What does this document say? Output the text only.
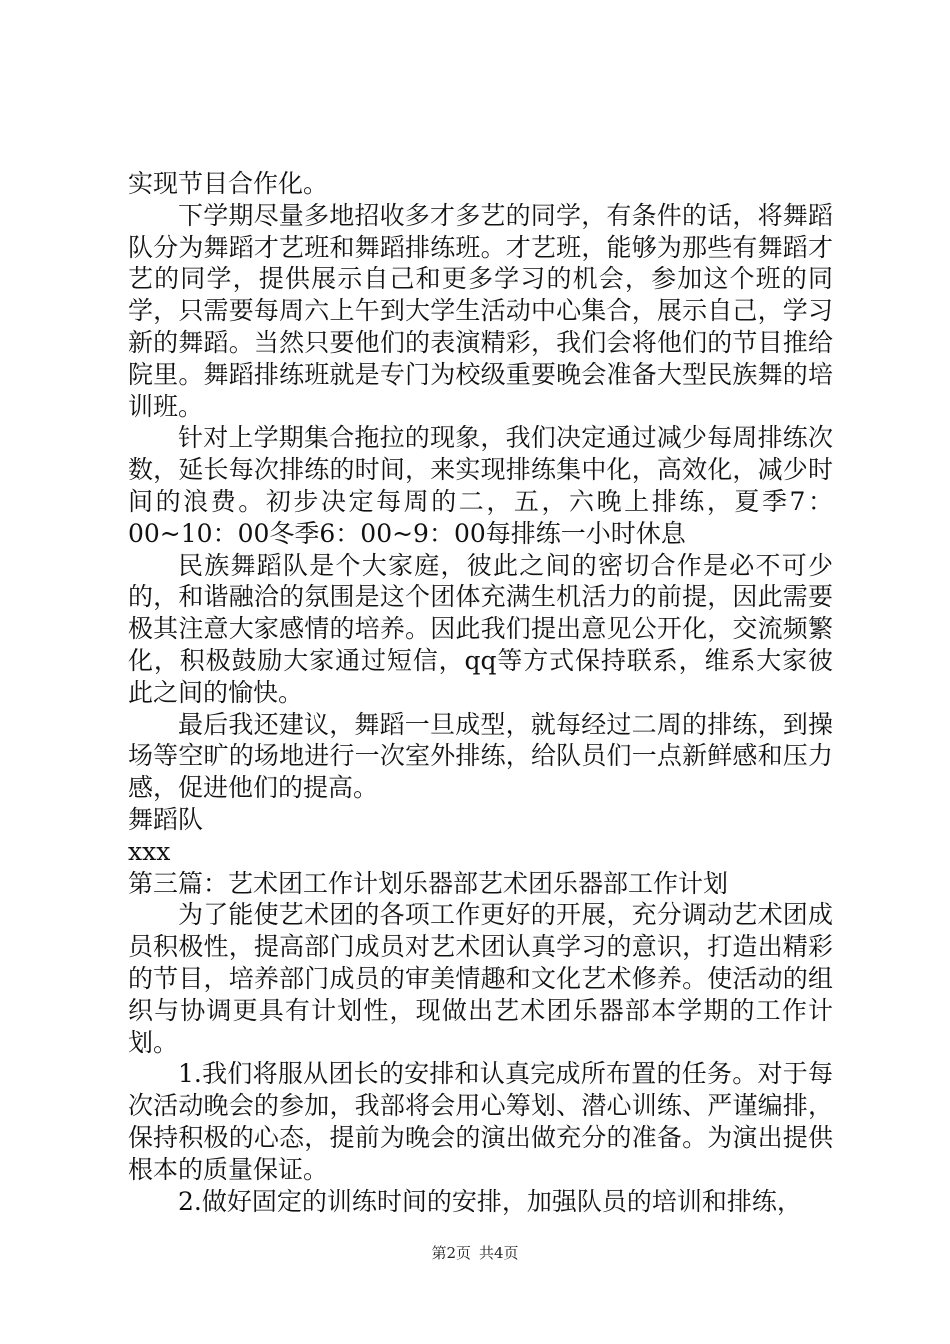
实现节目合作化。

下学期尽量多地招收多才多艺的同学，有条件的话，将舞蹈队分为舞蹈才艺班和舞蹈排练班。才艺班，能够为那些有舞蹈才艺的同学，提供展示自己和更多学习的机会，参加这个班的同学，只需要每周六上午到大学生活动中心集合，展示自己，学习新的舞蹈。当然只要他们的表演精彩，我们会将他们的节目推给院里。舞蹈排练班就是专门为校级重要晚会准备大型民族舞的培训班。

针对上学期集合拖拉的现象，我们决定通过减少每周排练次数，延长每次排练的时间，来实现排练集中化，高效化，减少时间的浪费。初步决定每周的二，五，六晚上排练，夏季7：00~10：00冬季6：00~9：00每排练一小时休息

民族舞蹈队是个大家庭，彼此之间的密切合作是必不可少的，和谐融洽的氛围是这个团体充满生机活力的前提，因此需要极其注意大家感情的培养。因此我们提出意见公开化，交流频繁化，积极鼓励大家通过短信，qq等方式保持联系，维系大家彼此之间的愉快。

最后我还建议，舞蹈一旦成型，就每经过二周的排练，到操场等空旷的场地进行一次室外排练，给队员们一点新鲜感和压力感，促进他们的提高。

舞蹈队

xxx

第三篇：艺术团工作计划乐器部艺术团乐器部工作计划

为了能使艺术团的各项工作更好的开展，充分调动艺术团成员积极性，提高部门成员对艺术团认真学习的意识，打造出精彩的节目，培养部门成员的审美情趣和文化艺术修养。使活动的组织与协调更具有计划性，现做出艺术团乐器部本学期的工作计划。

1.我们将服从团长的安排和认真完成所布置的任务。对于每次活动晚会的参加，我部将会用心筹划、潜心训练、严谨编排，保持积极的心态，提前为晚会的演出做充分的准备。为演出提供根本的质量保证。

2.做好固定的训练时间的安排，加强队员的培训和排练，

第2页 共4页
